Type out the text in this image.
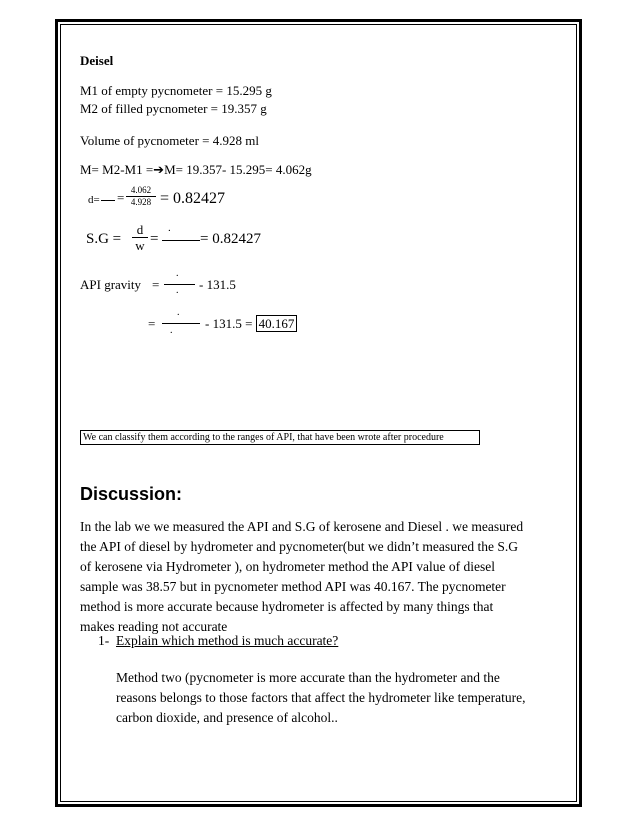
Deisel
M1 of empty pycnometer = 15.295 g
M2 of filled pycnometer = 19.357 g
Volume of pycnometer = 4.928 ml
M= M2-M1 =➔M= 19.357- 15.295= 4.062g
d= = 4.062
4.928 = 0.82427
S.G =
d
w =
.
= 0.82427
API gravity =
.
. - 131.5
=
.
.	- 131.5 = 40.167
We can classify them according to the ranges of API, that have been wrote after procedure
Discussion:
In the lab we we measured the API and S.G of kerosene and Diesel . we measured
the API of diesel by hydrometer and pycnometer(but we didn’t measured the S.G
of kerosene via Hydrometer ), on hydrometer method the API value of diesel
sample was 38.57 but in pycnometer method API was 40.167. The pycnometer
method is more accurate because hydrometer is affected by many things that
makes reading not accurate
1- Explain which method is much accurate?
Method two (pycnometer is more accurate than the hydrometer and the
reasons belongs to those factors that affect the hydrometer like temperature,
carbon dioxide, and presence of alcohol..
